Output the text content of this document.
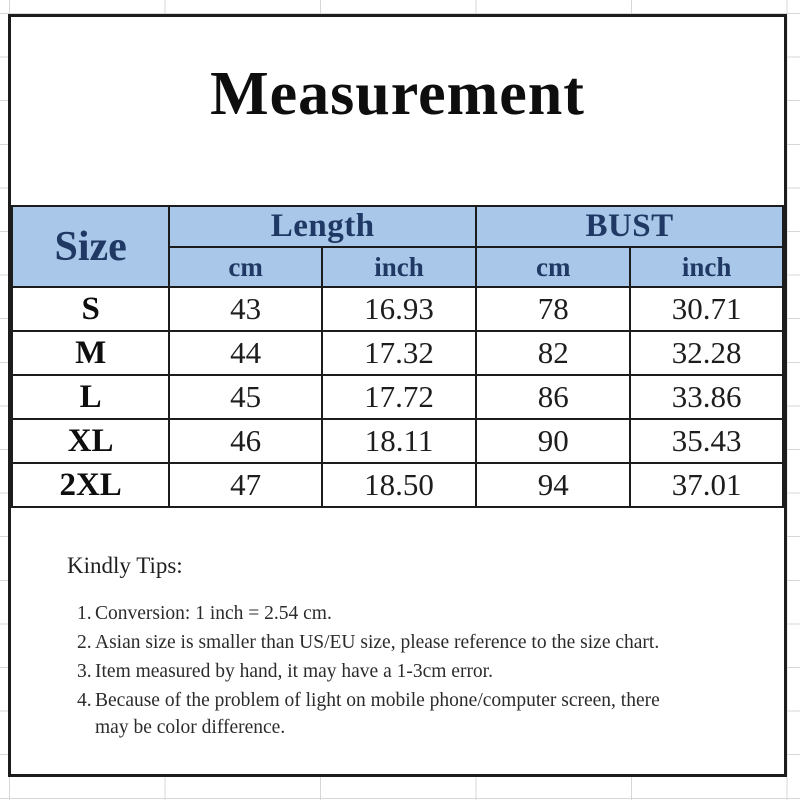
Measurement
Size	Length		BUST	
	cm	inch	cm	inch
S	43	16.93	78	30.71
M	44	17.32	82	32.28
L	45	17.72	86	33.86
XL	46	18.11	90	35.43
2XL	47	18.50	94	37.01
Kindly Tips:
1. Conversion: 1 inch = 2.54 cm.
2. Asian size is smaller than US/EU size, please reference to the size chart.
3. Item measured by hand, it may have a 1-3cm error.
4. Because of the problem of light on mobile phone/computer screen, there may be color difference.
